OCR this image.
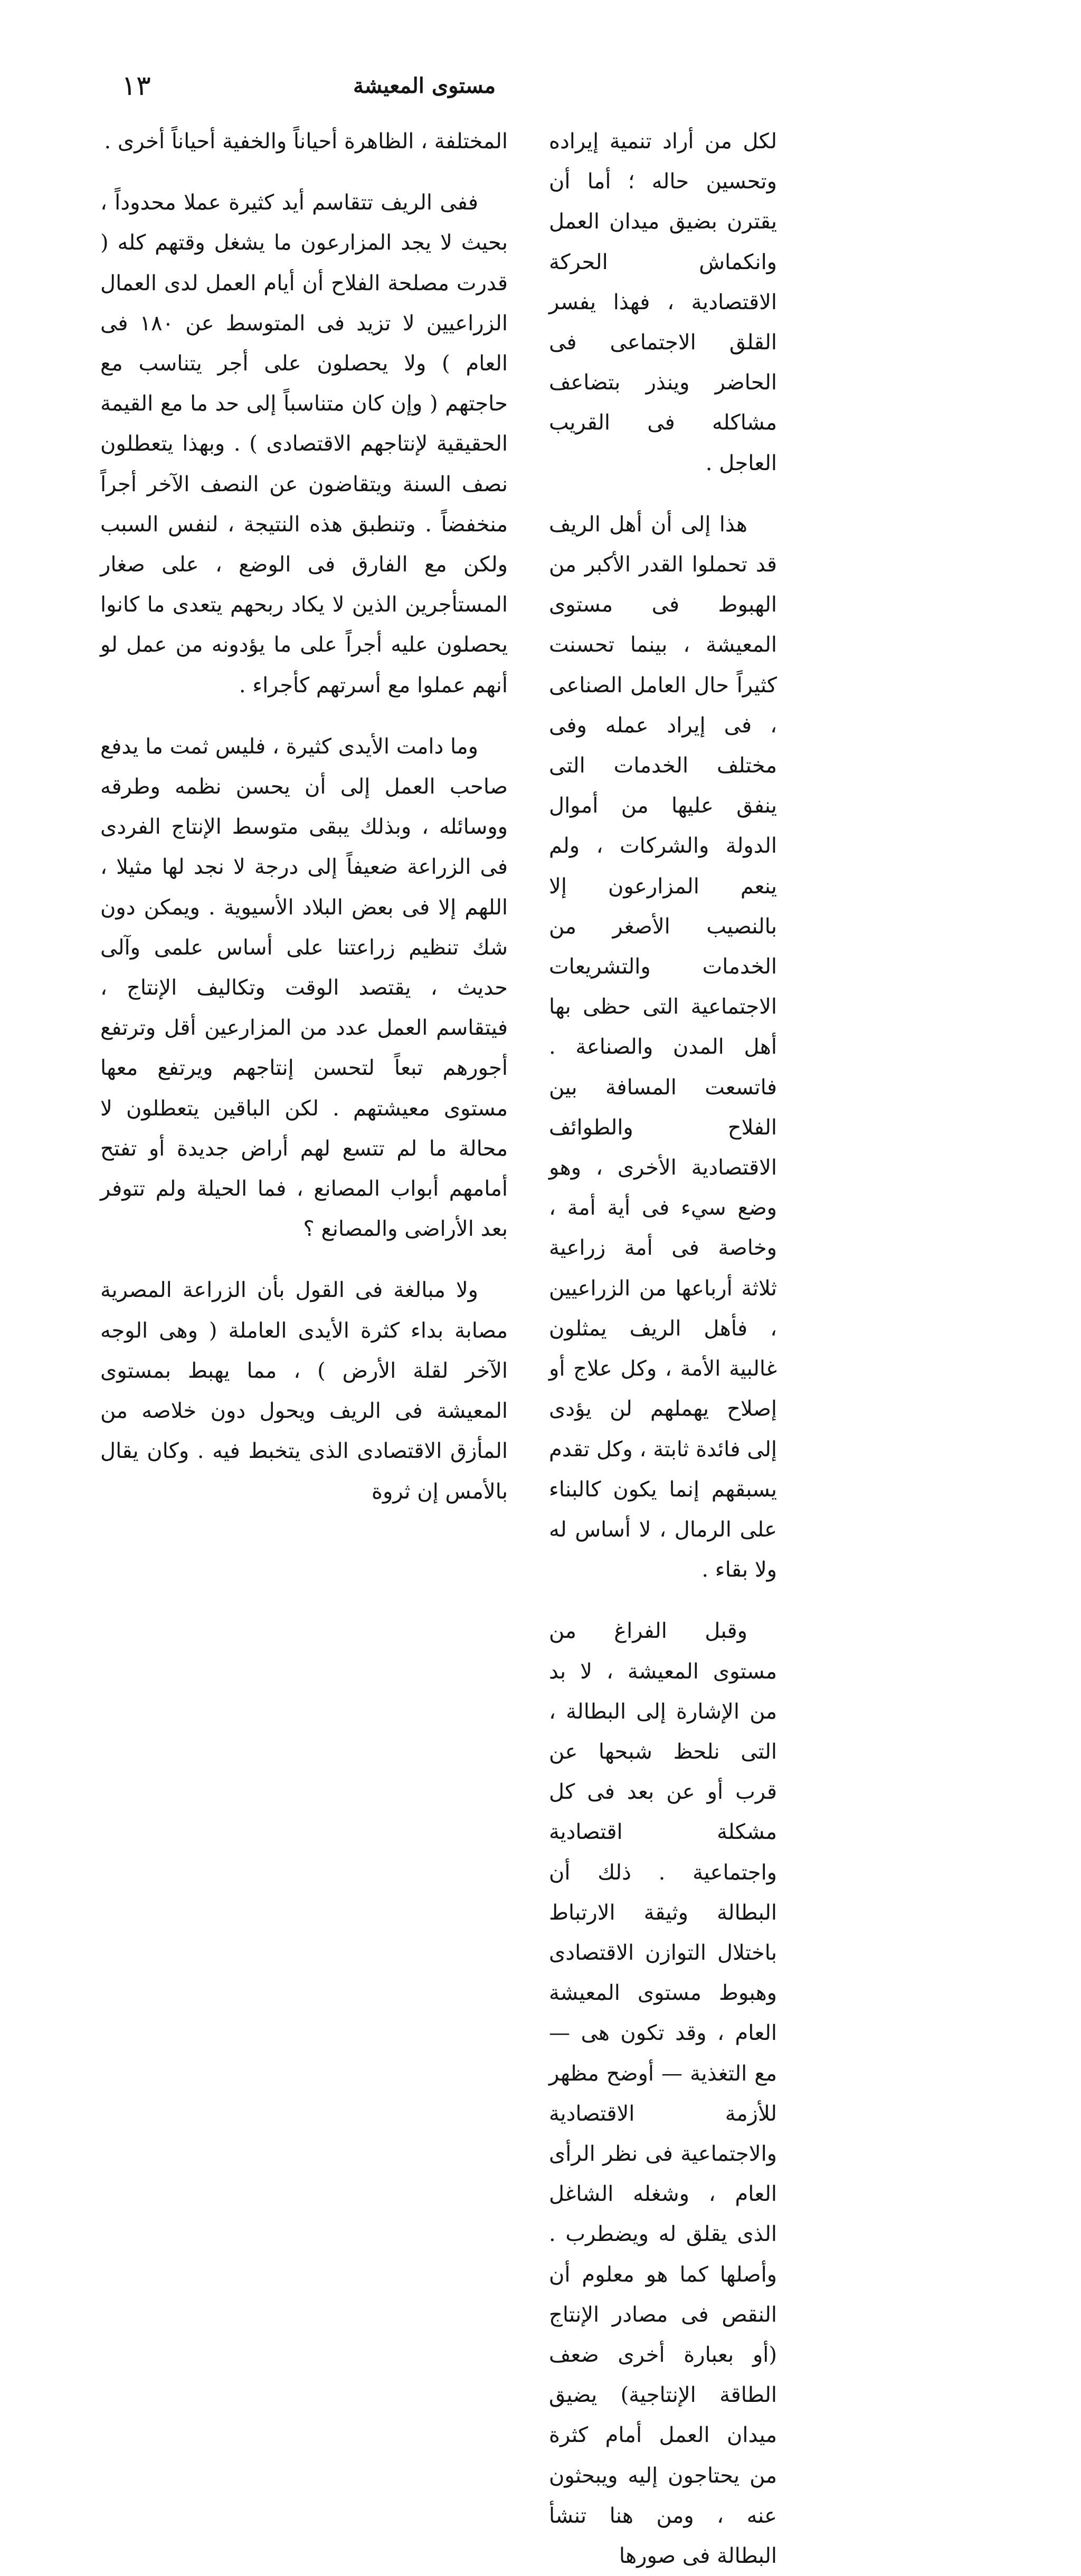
١٣	مستوى المعيشة

لكل من أراد تنمية إيراده وتحسين حاله ؛ أما أن يقترن بضيق ميدان العمل وانكماش الحركة الاقتصادية ، فهذا يفسر القلق الاجتماعى فى الحاضر وينذر بتضاعف مشاكله فى القريب العاجل .

هذا إلى أن أهل الريف قد تحملوا القدر الأكبر من الهبوط فى مستوى المعيشة ، بينما تحسنت كثيراً حال العامل الصناعى ، فى إيراد عمله وفى مختلف الخدمات التى ينفق عليها من أموال الدولة والشركات ، ولم ينعم المزارعون إلا بالنصيب الأصغر من الخدمات والتشريعات الاجتماعية التى حظى بها أهل المدن والصناعة . فاتسعت المسافة بين الفلاح والطوائف الاقتصادية الأخرى ، وهو وضع سيء فى أية أمة ، وخاصة فى أمة زراعية ثلاثة أرباعها من الزراعيين ، فأهل الريف يمثلون غالبية الأمة ، وكل علاج أو إصلاح يهملهم لن يؤدى إلى فائدة ثابتة ، وكل تقدم يسبقهم إنما يكون كالبناء على الرمال ، لا أساس له ولا بقاء .

وقبل الفراغ من مستوى المعيشة ، لا بد من الإشارة إلى البطالة ، التى نلحظ شبحها عن قرب أو عن بعد فى كل مشكلة اقتصادية واجتماعية . ذلك أن البطالة وثيقة الارتباط باختلال التوازن الاقتصادى وهبوط مستوى المعيشة العام ، وقد تكون هى — مع التغذية — أوضح مظهر للأزمة الاقتصادية والاجتماعية فى نظر الرأى العام ، وشغله الشاغل الذى يقلق له ويضطرب . وأصلها كما هو معلوم أن النقص فى مصادر الإنتاج (أو بعبارة أخرى ضعف الطاقة الإنتاجية) يضيق ميدان العمل أمام كثرة من يحتاجون إليه ويبحثون عنه ، ومن هنا تنشأ البطالة فى صورها

المختلفة ، الظاهرة أحياناً والخفية أحياناً أخرى .

ففى الريف تتقاسم أيد كثيرة عملا محدوداً ، بحيث لا يجد المزارعون ما يشغل وقتهم كله ( قدرت مصلحة الفلاح أن أيام العمل لدى العمال الزراعيين لا تزيد فى المتوسط عن ١٨٠ فى العام ) ولا يحصلون على أجر يتناسب مع حاجتهم ( وإن كان متناسباً إلى حد ما مع القيمة الحقيقية لإنتاجهم الاقتصادى ) . وبهذا يتعطلون نصف السنة ويتقاضون عن النصف الآخر أجراً منخفضاً . وتنطبق هذه النتيجة ، لنفس السبب ولكن مع الفارق فى الوضع ، على صغار المستأجرين الذين لا يكاد ربحهم يتعدى ما كانوا يحصلون عليه أجراً على ما يؤدونه من عمل لو أنهم عملوا مع أسرتهم كأجراء .

وما دامت الأيدى كثيرة ، فليس ثمت ما يدفع صاحب العمل إلى أن يحسن نظمه وطرقه ووسائله ، وبذلك يبقى متوسط الإنتاج الفردى فى الزراعة ضعيفاً إلى درجة لا نجد لها مثيلا ، اللهم إلا فى بعض البلاد الأسيوية . ويمكن دون شك تنظيم زراعتنا على أساس علمى وآلى حديث ، يقتصد الوقت وتكاليف الإنتاج ، فيتقاسم العمل عدد من المزارعين أقل وترتفع أجورهم تبعاً لتحسن إنتاجهم ويرتفع معها مستوى معيشتهم . لكن الباقين يتعطلون لا محالة ما لم تتسع لهم أراض جديدة أو تفتح أمامهم أبواب المصانع ، فما الحيلة ولم تتوفر بعد الأراضى والمصانع ؟

ولا مبالغة فى القول بأن الزراعة المصرية مصابة بداء كثرة الأيدى العاملة ( وهى الوجه الآخر لقلة الأرض ) ، مما يهبط بمستوى المعيشة فى الريف ويحول دون خلاصه من المأزق الاقتصادى الذى يتخبط فيه . وكان يقال بالأمس إن ثروة
